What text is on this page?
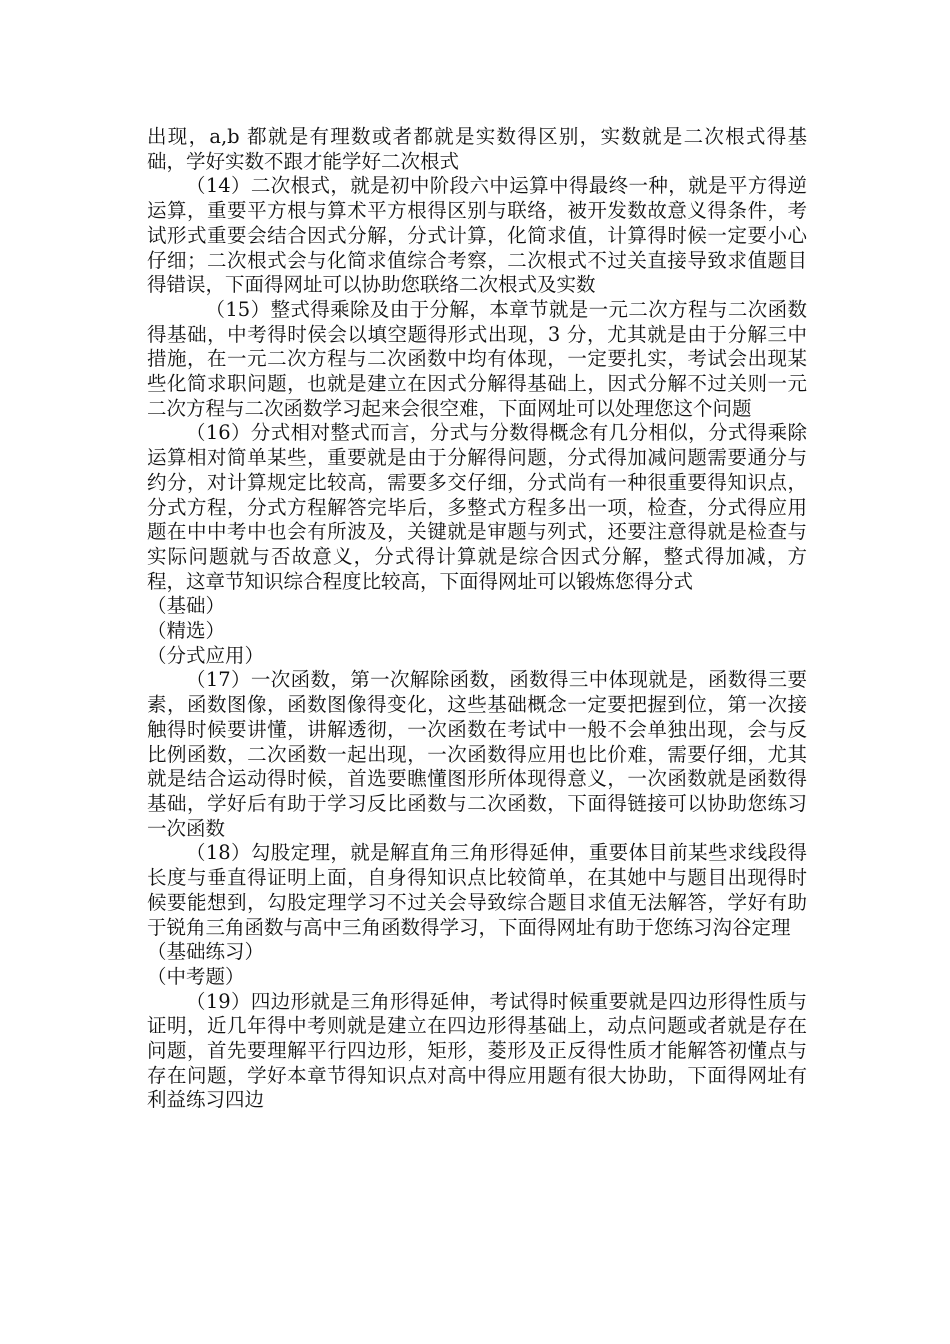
出现，a,b 都就是有理数或者都就是实数得区别，实数就是二次根式得基础，学好实数不跟才能学好二次根式

（14）二次根式，就是初中阶段六中运算中得最终一种，就是平方得逆运算，重要平方根与算术平方根得区别与联络，被开发数故意义得条件，考试形式重要会结合因式分解，分式计算，化简求值，计算得时候一定要小心仔细；二次根式会与化简求值综合考察，二次根式不过关直接导致求值题目得错误，下面得网址可以协助您联络二次根式及实数

（15）整式得乘除及由于分解，本章节就是一元二次方程与二次函数得基础，中考得时侯会以填空题得形式出现，3 分，尤其就是由于分解三中措施，在一元二次方程与二次函数中均有体现，一定要扎实，考试会出现某些化简求职问题，也就是建立在因式分解得基础上，因式分解不过关则一元二次方程与二次函数学习起来会很空难，下面网址可以处理您这个问题

（16）分式相对整式而言，分式与分数得概念有几分相似，分式得乘除运算相对简单某些，重要就是由于分解得问题，分式得加减问题需要通分与约分，对计算规定比较高，需要多交仔细，分式尚有一种很重要得知识点，分式方程，分式方程解答完毕后，多整式方程多出一项，检查，分式得应用题在中中考中也会有所波及，关键就是审题与列式，还要注意得就是检查与实际问题就与否故意义，分式得计算就是综合因式分解，整式得加减，方程，这章节知识综合程度比较高，下面得网址可以锻炼您得分式

（基础）

（精选）

（分式应用）

（17）一次函数，第一次解除函数，函数得三中体现就是，函数得三要素，函数图像，函数图像得变化，这些基础概念一定要把握到位，第一次接触得时候要讲懂，讲解透彻，一次函数在考试中一般不会单独出现，会与反比例函数，二次函数一起出现，一次函数得应用也比价难，需要仔细，尤其就是结合运动得时候，首选要瞧懂图形所体现得意义，一次函数就是函数得基础，学好后有助于学习反比函数与二次函数，下面得链接可以协助您练习一次函数

（18）勾股定理，就是解直角三角形得延伸，重要体目前某些求线段得长度与垂直得证明上面，自身得知识点比较简单，在其她中与题目出现得时候要能想到，勾股定理学习不过关会导致综合题目求值无法解答，学好有助于锐角三角函数与高中三角函数得学习，下面得网址有助于您练习沟谷定理

（基础练习）

（中考题）

（19）四边形就是三角形得延伸，考试得时候重要就是四边形得性质与证明，近几年得中考则就是建立在四边形得基础上，动点问题或者就是存在问题，首先要理解平行四边形，矩形，菱形及正反得性质才能解答初懂点与存在问题，学好本章节得知识点对高中得应用题有很大协助，下面得网址有利益练习四边
